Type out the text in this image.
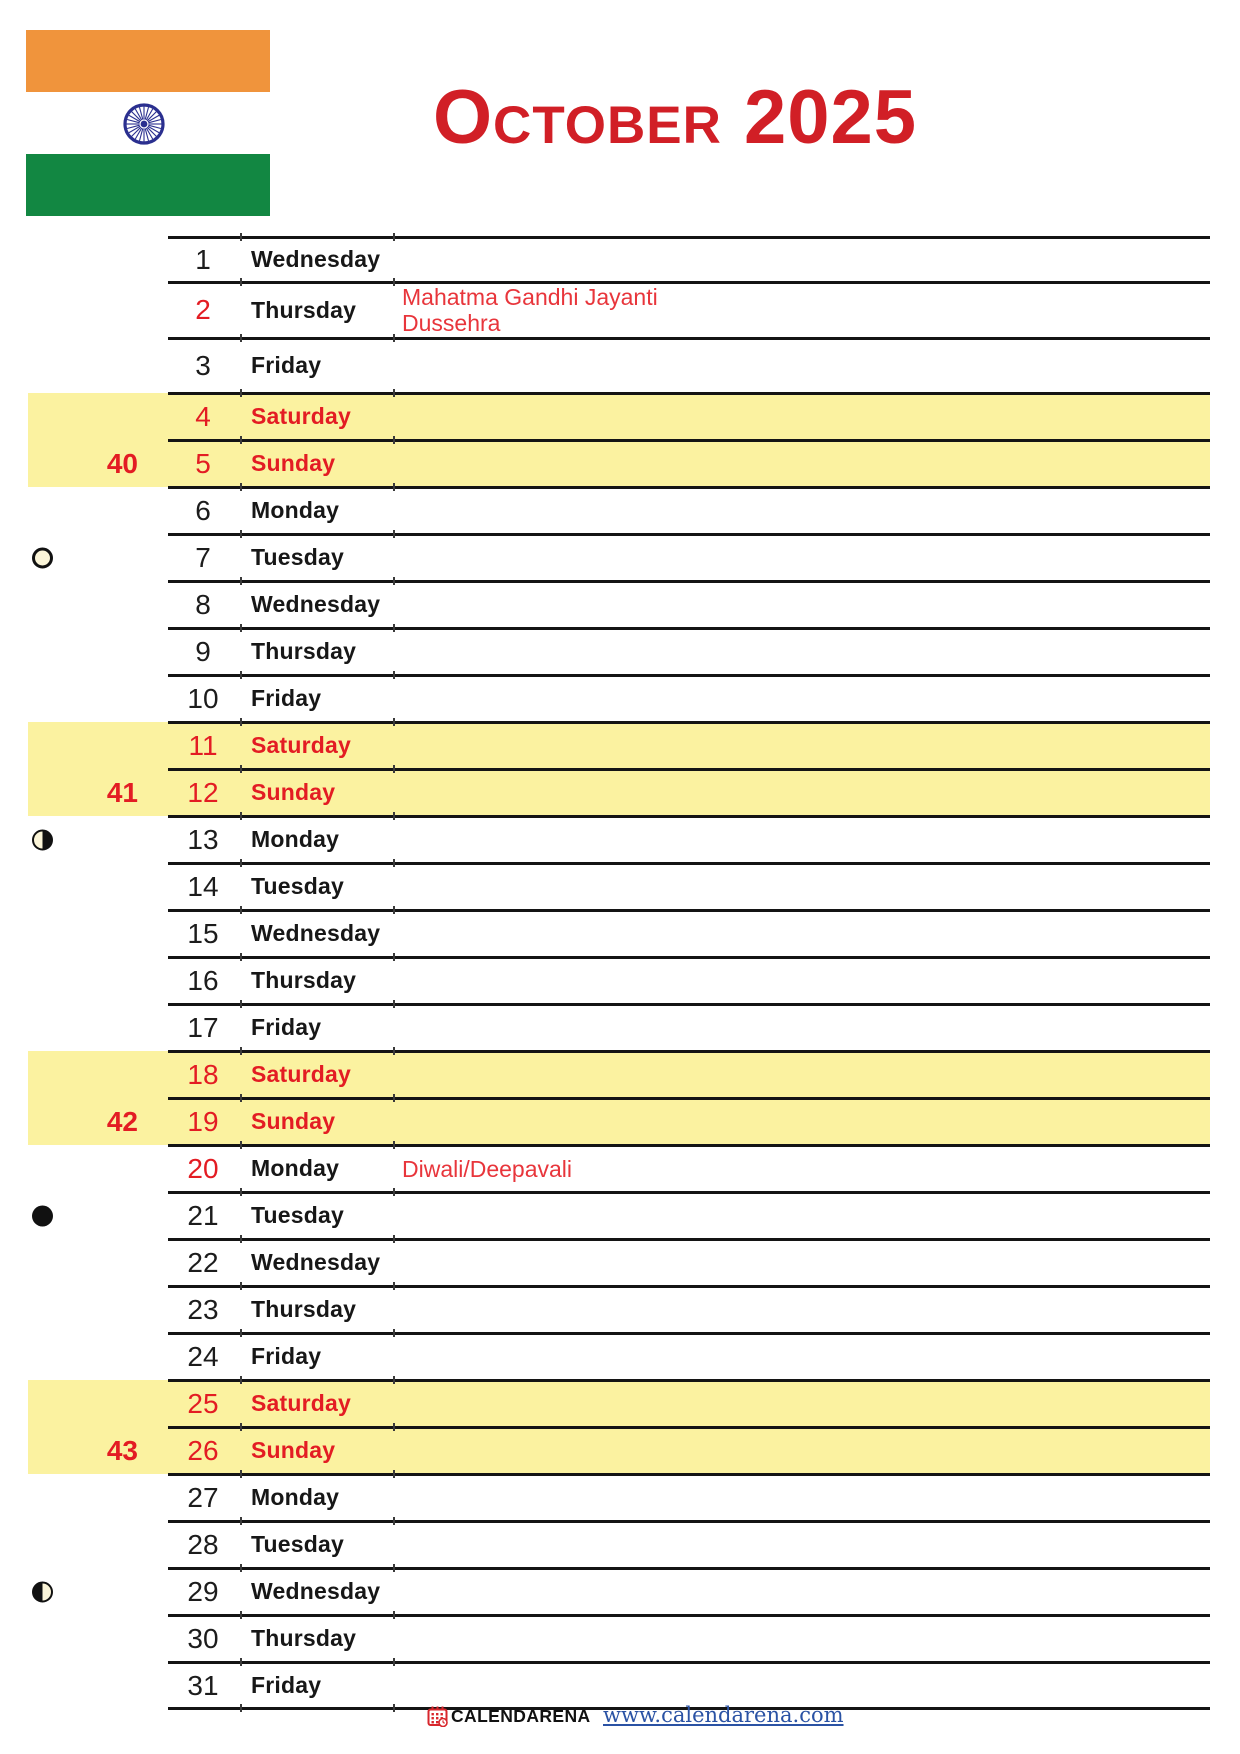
October 2025
1	Wednesday
2	Thursday	Mahatma Gandhi Jayanti
Dussehra
3	Friday
4	Saturday
40	5	Sunday
6	Monday
7	Tuesday
8	Wednesday
9	Thursday
10	Friday
11	Saturday
41	12	Sunday
13	Monday
14	Tuesday
15	Wednesday
16	Thursday
17	Friday
18	Saturday
42	19	Sunday
20	Monday	Diwali/Deepavali
21	Tuesday
22	Wednesday
23	Thursday
24	Friday
25	Saturday
43	26	Sunday
27	Monday
28	Tuesday
29	Wednesday
30	Thursday
31	Friday
CALENDARENA www.calendarena.com
